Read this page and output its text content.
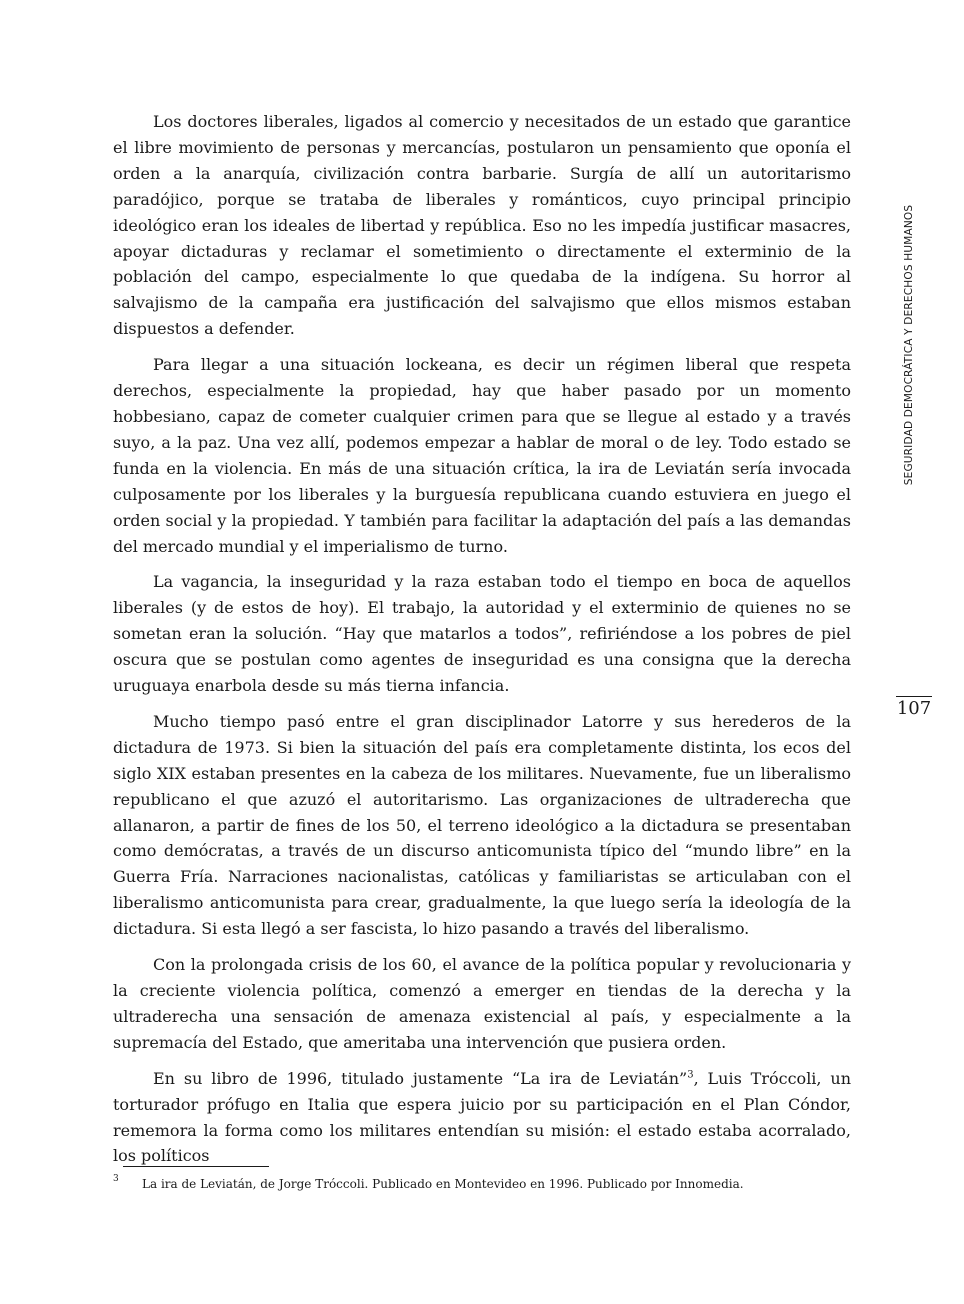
Los doctores liberales, ligados al comercio y necesitados de un estado que garantice el libre movimiento de personas y mercancías, postularon un pensamiento que oponía el orden a la anarquía, civilización contra barbarie. Surgía de allí un autoritarismo paradójico, porque se trataba de liberales y románticos, cuyo principal principio ideológico eran los ideales de libertad y república. Eso no les impedía justificar masacres, apoyar dictaduras y reclamar el sometimiento o directamente el exterminio de la población del campo, especialmente lo que quedaba de la indígena. Su horror al salvajismo de la campaña era justificación del salvajismo que ellos mismos estaban dispuestos a defender.

Para llegar a una situación lockeana, es decir un régimen liberal que respeta derechos, especialmente la propiedad, hay que haber pasado por un momento hobbesiano, capaz de cometer cualquier crimen para que se llegue al estado y a través suyo, a la paz. Una vez allí, podemos empezar a hablar de moral o de ley. Todo estado se funda en la violencia. En más de una situación crítica, la ira de Leviatán sería invocada culposamente por los liberales y la burguesía republicana cuando estuviera en juego el orden social y la propiedad. Y también para facilitar la adaptación del país a las demandas del mercado mundial y el imperialismo de turno.

La vagancia, la inseguridad y la raza estaban todo el tiempo en boca de aquellos liberales (y de estos de hoy). El trabajo, la autoridad y el exterminio de quienes no se sometan eran la solución. “Hay que matarlos a todos”, refiriéndose a los pobres de piel oscura que se postulan como agentes de inseguridad es una consigna que la derecha uruguaya enarbola desde su más tierna infancia.

Mucho tiempo pasó entre el gran disciplinador Latorre y sus herederos de la dictadura de 1973. Si bien la situación del país era completamente distinta, los ecos del siglo XIX estaban presentes en la cabeza de los militares. Nuevamente, fue un liberalismo republicano el que azuzó el autoritarismo. Las organizaciones de ultraderecha que allanaron, a partir de fines de los 50, el terreno ideológico a la dictadura se presentaban como demócratas, a través de un discurso anticomunista típico del “mundo libre” en la Guerra Fría. Narraciones nacionalistas, católicas y familiaristas se articulaban con el liberalismo anticomunista para crear, gradualmente, la que luego sería la ideología de la dictadura. Si esta llegó a ser fascista, lo hizo pasando a través del liberalismo.

Con la prolongada crisis de los 60, el avance de la política popular y revolucionaria y la creciente violencia política, comenzó a emerger en tiendas de la derecha y la ultraderecha una sensación de amenaza existencial al país, y especialmente a la supremacía del Estado, que ameritaba una intervención que pusiera orden.

En su libro de 1996, titulado justamente “La ira de Leviatán”$^3$, Luis Tróccoli, un torturador prófugo en Italia que espera juicio por su participación en el Plan Cóndor, rememora la forma como los militares entendían su misión: el estado estaba acorralado, los políticos

SEGURIDAD DEMOCRÁTICA Y DERECHOS HUMANOS
107
3 La ira de Leviatán, de Jorge Tróccoli. Publicado en Montevideo en 1996. Publicado por Innomedia.
